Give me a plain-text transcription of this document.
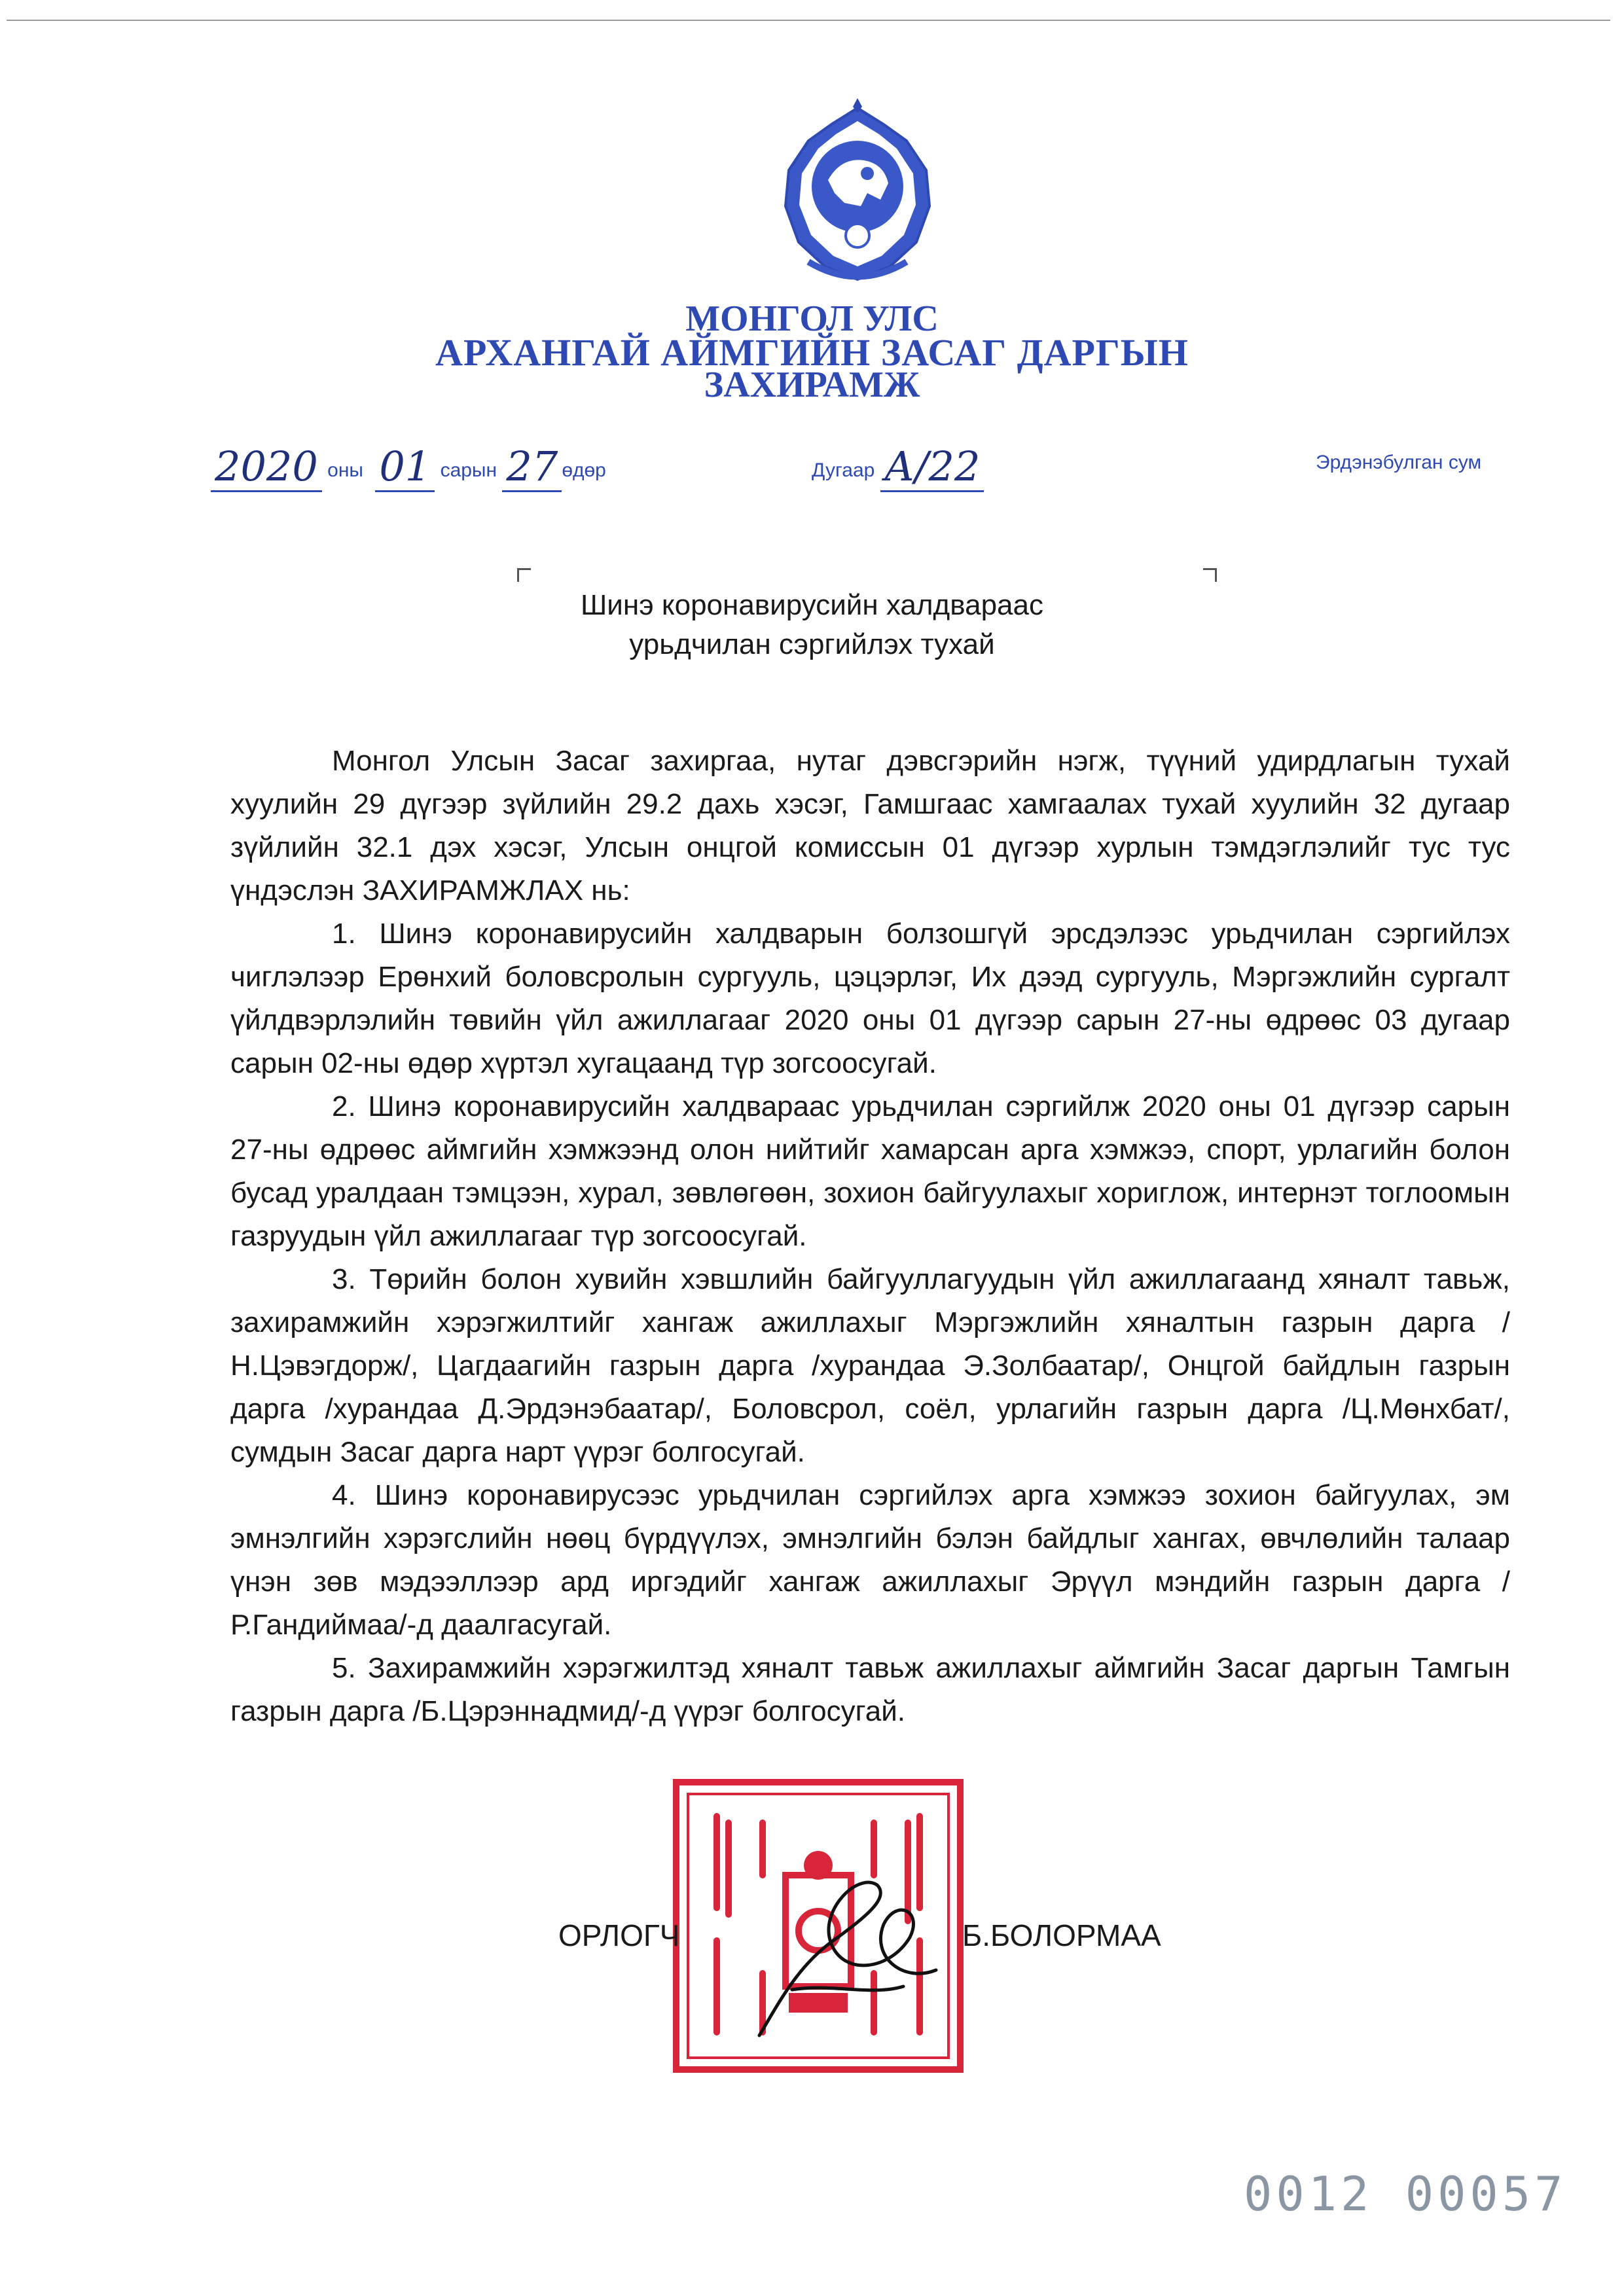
МОНГОЛ УЛС
АРХАНГАЙ АЙМГИЙН ЗАСАГ ДАРГЫН
ЗАХИРАМЖ
2020 оны 01 сарын 27 өдөр	Дугаар А/22	Эрдэнэбулган сум
Шинэ коронавирусийн халдвараас
урьдчилан сэргийлэх тухай

Монгол Улсын Засаг захиргаа, нутаг дэвсгэрийн нэгж, түүний удирдлагын тухай хуулийн 29 дүгээр зүйлийн 29.2 дахь хэсэг, Гамшгаас хамгаалах тухай хуулийн 32 дугаар зүйлийн 32.1 дэх хэсэг, Улсын онцгой комиссын 01 дүгээр хурлын тэмдэглэлийг тус тус үндэслэн ЗАХИРАМЖЛАХ нь:

1. Шинэ коронавирусийн халдварын болзошгүй эрсдэлээс урьдчилан сэргийлэх чиглэлээр Ерөнхий боловсролын сургууль, цэцэрлэг, Их дээд сургууль, Мэргэжлийн сургалт үйлдвэрлэлийн төвийн үйл ажиллагааг 2020 оны 01 дүгээр сарын 27-ны өдрөөс 03 дугаар сарын 02-ны өдөр хүртэл хугацаанд түр зогсоосугай.

2. Шинэ коронавирусийн халдвараас урьдчилан сэргийлж 2020 оны 01 дүгээр сарын 27-ны өдрөөс аймгийн хэмжээнд олон нийтийг хамарсан арга хэмжээ, спорт, урлагийн болон бусад уралдаан тэмцээн, хурал, зөвлөгөөн, зохион байгуулахыг хориглож, интернэт тоглоомын газруудын үйл ажиллагааг түр зогсоосугай.

3. Төрийн болон хувийн хэвшлийн байгууллагуудын үйл ажиллагаанд хяналт тавьж, захирамжийн хэрэгжилтийг хангаж ажиллахыг Мэргэжлийн хяналтын газрын дарга /Н.Цэвэгдорж/, Цагдаагийн газрын дарга /хурандаа Э.Золбаатар/, Онцгой байдлын газрын дарга /хурандаа Д.Эрдэнэбаатар/, Боловсрол, соёл, урлагийн газрын дарга /Ц.Мөнхбат/, сумдын Засаг дарга нарт үүрэг болгосугай.

4. Шинэ коронавирусээс урьдчилан сэргийлэх арга хэмжээ зохион байгуулах, эм эмнэлгийн хэрэгслийн нөөц бүрдүүлэх, эмнэлгийн бэлэн байдлыг хангах, өвчлөлийн талаар үнэн зөв мэдээллээр ард иргэдийг хангаж ажиллахыг Эрүүл мэндийн газрын дарга /Р.Гандиймаа/-д даалгасугай.

5. Захирамжийн хэрэгжилтэд хяналт тавьж ажиллахыг аймгийн Засаг даргын Тамгын газрын дарга /Б.Цэрэннадмид/-д үүрэг болгосугай.

ОРЛОГЧ	Б.БОЛОРМАА
0012 00057
